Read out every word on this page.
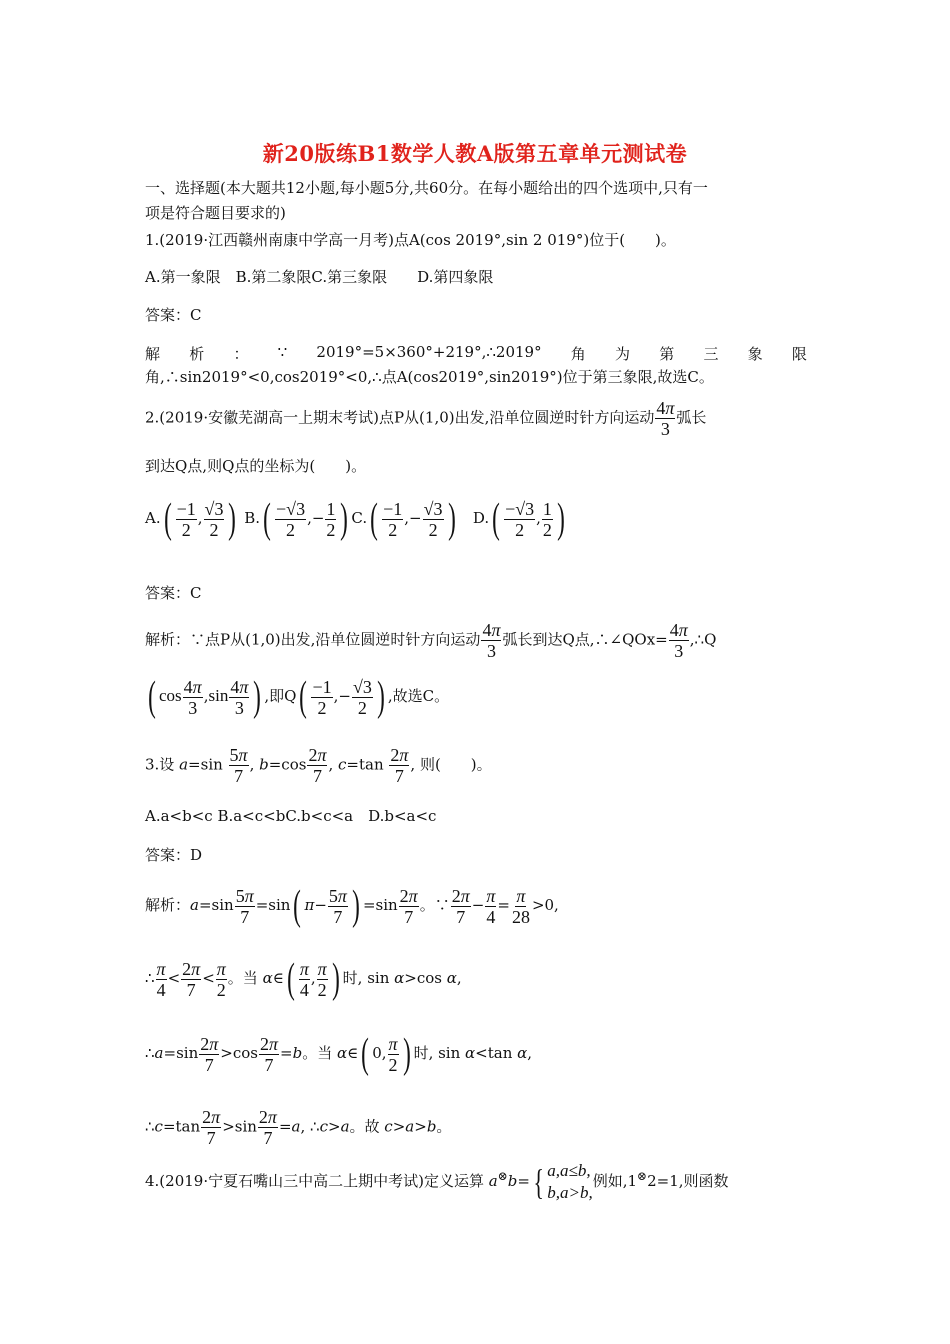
新20版练B1数学人教A版第五章单元测试卷
一、选择题(本大题共12小题,每小题5分,共60分。在每小题给出的四个选项中,只有一
项是符合题目要求的)
1.(2019·江西赣州南康中学高一月考)点A(cos 2019°,sin 2 019°)位于(　　)。
A.第一象限　B.第二象限C.第三象限　　D.第四象限
答案：C
解 析 ： ∵ 2019°=5×360°+219°,∴2019° 角 为 第 三 象 限
角,∴sin2019°<0,cos2019°<0,∴点A(cos2019°,sin2019°)位于第三象限,故选C。
2.(2019·安徽芜湖高一上期末考试)点P从(1,0)出发,沿单位圆逆时针方向运动 $\frac{4\pi}{3}$ 弧长
到达Q点,则Q点的坐标为(　　)。
$A.( \frac{-1}{2}$ , $\frac{√3}{2}$ ) $B.( \frac{-√3}{2}$ ,− $\frac{1}{2}$ ) $C.( \frac{-1}{2}$ ,− $\frac{√3}{2}$ ) $D.( \frac{-√3}{2}$ , $\frac{1}{2}$ )
答案：C
解析：∵点P从(1,0)出发,沿单位圆逆时针方向运动 $\frac{4\pi}{3}$ 弧长到达Q点,∴∠QOx= $\frac{4\pi}{3}$ ,∴Q
( $\cos \frac{4\pi}{3} ,\sin \frac{4\pi}{3}$ ) ,即$Q( \frac{-1}{2}$ ,− $\frac{√3}{2}$ ) ,故选C。
3.设 $a=\sin \frac{5\pi}{7}$ , $b=\cos \frac{2\pi}{7}$ , $c=\tan \frac{2\pi}{7}$ , 则(　　)。
A.a<b<c B.a<c<bC.b<c<a　D.b<a<c
答案：D
解析：$a=\sin \frac{5\pi}{7} =\sin$( $\pi- \frac{5\pi}{7}$ ) $=\sin \frac{2\pi}{7}$ 。∵ $\frac{2\pi}{7} - \frac{\pi}{4} = \frac{\pi}{28} >0$,
∴ $\frac{\pi}{4} < \frac{2\pi}{7} < \frac{\pi}{2}$ 。当 α∈( $\frac{\pi}{4}$ , $\frac{\pi}{2}$ ) 时, sin α>cos α,
∴a=sin $\frac{2\pi}{7} >\cos \frac{2\pi}{7} =b$。当 α∈( 0, $\frac{\pi}{2}$ ) 时, sin α<tan α,
∴c=tan $\frac{2\pi}{7} >\sin \frac{2\pi}{7} =a$, ∴c>a。故 c>a>b。
4.(2019·宁夏石嘴山三中高二上期中考试)定义运算 a⊗b={ a,a≤b,
b,a>b,
例如,1⊗2=1,则函数
